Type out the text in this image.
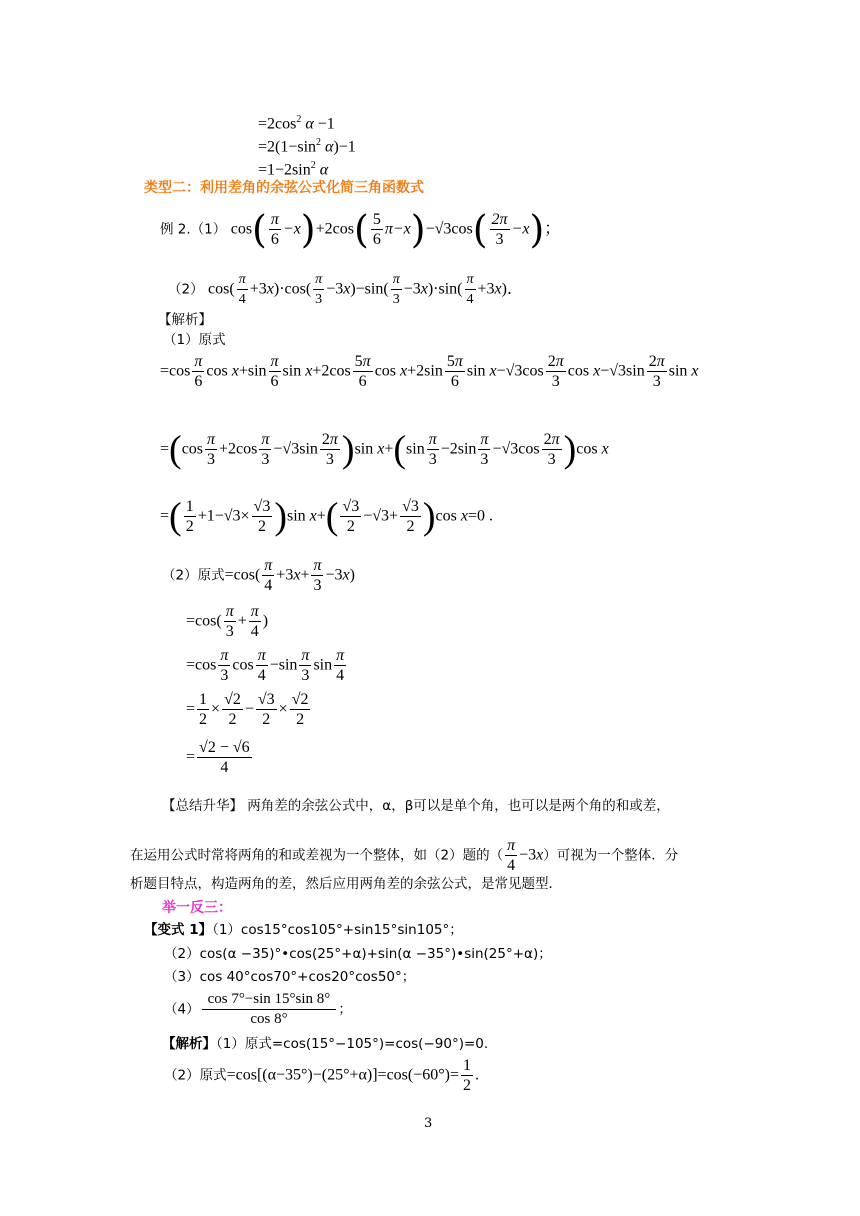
$=2\cos^2$ α −1
$=2(1-\sin^2$ α)−1
$=1-2\sin^2$ α
类型二：利用差角的余弦公式化简三角函数式
例 2.（1） $\cos( \frac{\pi}{6} -x)+2\cos( \frac{5}{6} \pi-x)-√3\cos( \frac{2\pi}{3} -x)$；
（2） $\cos( \frac{\pi}{4} +3x)\cdot\cos( \frac{\pi}{3} -3x)-\sin( \frac{\pi}{3} -3x)\cdot\sin( \frac{\pi}{4} +3x)$．
【解析】
（1）原式
$=\cos \frac{\pi}{6}$ $\cos x+\sin \frac{\pi}{6}$ $\sin x+2\cos \frac{5\pi}{6}$ $\cos x+2\sin \frac{5\pi}{6}$ $\sin x-√3\cos \frac{2\pi}{3}$ $\cos x-√3\sin \frac{2\pi}{3}$ sin x
$=(\cos \frac{\pi}{3} +2\cos \frac{\pi}{3} -√3\sin \frac{2\pi}{3} )\sin$ $x+(\sin \frac{\pi}{3} -2\sin \frac{\pi}{3} -√3\cos \frac{2\pi}{3} )\cos$ x
=( $\frac{1}{2} +1-√3\times \frac{√3}{2} )\sin$ $x+( \frac{√3}{2} -√3+ \frac{√3}{2} )\cos$ x=0 .
（2）原式$=\cos( \frac{\pi}{4} +3x+ \frac{\pi}{3} -3x)$
$=\cos( \frac{\pi}{3} + \frac{\pi}{4}$ )
$=\cos \frac{\pi}{3}$ $\cos \frac{\pi}{4} -\sin \frac{\pi}{3}$ $\sin \frac{\pi}{4}$
= $\frac{1}{2} \times \frac{√2}{2} - \frac{√3}{2} \times \frac{√2}{2}$
= $\frac{√2 - √6}{4}$
【总结升华】 两角差的余弦公式中，α，β可以是单个角，也可以是两个角的和或差，
在运用公式时常将两角的和或差视为一个整体，如（2）题的（ $\frac{\pi}{4} -3x$）可视为一个整体．分
析题目特点，构造两角的差，然后应用两角差的余弦公式，是常见题型．
举一反三：
【变式 1】（1）cos15°cos105°+sin15°sin105°；
（2）cos(α −35)°•cos(25°+α)+sin(α −35°)•sin(25°+α)；
（3）cos 40°cos70°+cos20°cos50°；
$(4) \frac{\cos 7^\circ-\sin 15^\circ\sin 8^\circ}{\cos 8^\circ}$ ；
【解析】（1）原式=cos(15°−105°)=cos(−90°)=0.
（2）原式$=\cos[(\alpha-35^\circ)-(25^\circ+\alpha)]=\cos(-60^\circ)= \frac{1}{2}$ .
3
